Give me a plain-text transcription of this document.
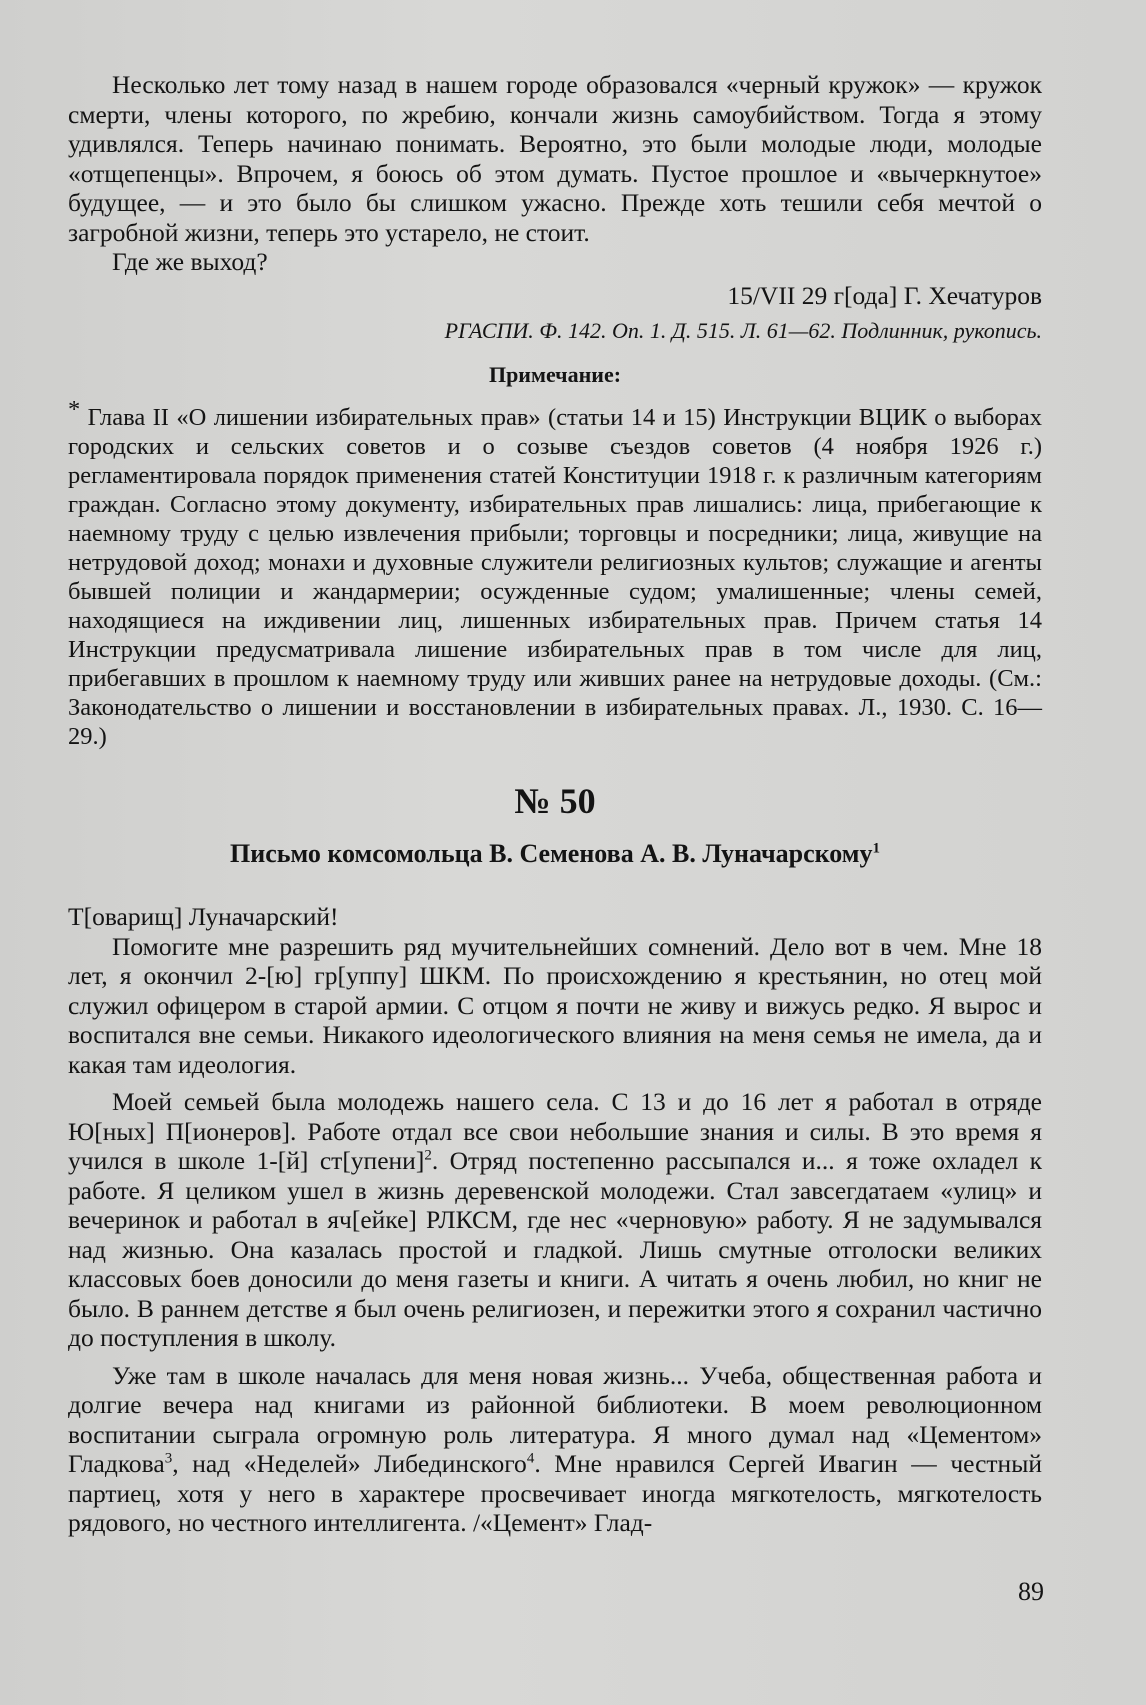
Несколько лет тому назад в нашем городе образовался «черный кружок» — кружок смерти, члены которого, по жребию, кончали жизнь самоубийством. Тогда я этому удивлялся. Теперь начинаю понимать. Вероятно, это были молодые люди, молодые «отщепенцы». Впрочем, я боюсь об этом думать. Пустое прошлое и «вычеркнутое» будущее, — и это было бы слишком ужасно. Прежде хоть тешили себя мечтой о загробной жизни, теперь это устарело, не стоит.

Где же выход?

15/VII 29 г[ода] Г. Хечатуров

РГАСПИ. Ф. 142. Оп. 1. Д. 515. Л. 61—62. Подлинник, рукопись.

Примечание:

* Глава II «О лишении избирательных прав» (статьи 14 и 15) Инструкции ВЦИК о выборах городских и сельских советов и о созыве съездов советов (4 ноября 1926 г.) регламентировала порядок применения статей Конституции 1918 г. к различным категориям граждан. Согласно этому документу, избирательных прав лишались: лица, прибегающие к наемному труду с целью извлечения прибыли; торговцы и посредники; лица, живущие на нетрудовой доход; монахи и духовные служители религиозных культов; служащие и агенты бывшей полиции и жандармерии; осужденные судом; умалишенные; члены семей, находящиеся на иждивении лиц, лишенных избирательных прав. Причем статья 14 Инструкции предусматривала лишение избирательных прав в том числе для лиц, прибегавших в прошлом к наемному труду или живших ранее на нетрудовые доходы. (См.: Законодательство о лишении и восстановлении в избирательных правах. Л., 1930. С. 16—29.)

№ 50

Письмо комсомольца В. Семенова А. В. Луначарскому$^1$

Т[оварищ] Луначарский!

Помогите мне разрешить ряд мучительнейших сомнений. Дело вот в чем. Мне 18 лет, я окончил 2-[ю] гр[уппу] ШКМ. По происхождению я крестьянин, но отец мой служил офицером в старой армии. С отцом я почти не живу и вижусь редко. Я вырос и воспитался вне семьи. Никакого идеологического влияния на меня семья не имела, да и какая там идеология.

Моей семьей была молодежь нашего села. С 13 и до 16 лет я работал в отряде Ю[ных] П[ионеров]. Работе отдал все свои небольшие знания и силы. В это время я учился в школе 1-[й] ст[упени]$^2$. Отряд постепенно рассыпался и... я тоже охладел к работе. Я целиком ушел в жизнь деревенской молодежи. Стал завсегдатаем «улиц» и вечеринок и работал в яч[ейке] РЛКСМ, где нес «черновую» работу. Я не задумывался над жизнью. Она казалась простой и гладкой. Лишь смутные отголоски великих классовых боев доносили до меня газеты и книги. А читать я очень любил, но книг не было. В раннем детстве я был очень религиозен, и пережитки этого я сохранил частично до поступления в школу.

Уже там в школе началась для меня новая жизнь... Учеба, общественная работа и долгие вечера над книгами из районной библиотеки. В моем революционном воспитании сыграла огромную роль литература. Я много думал над «Цементом» Гладкова$^3$, над «Неделей» Либединского$^4$. Мне нравился Сергей Ивагин — честный партиец, хотя у него в характере просвечивает иногда мягкотелость, мягкотелость рядового, но честного интеллигента. /«Цемент» Глад-

89
